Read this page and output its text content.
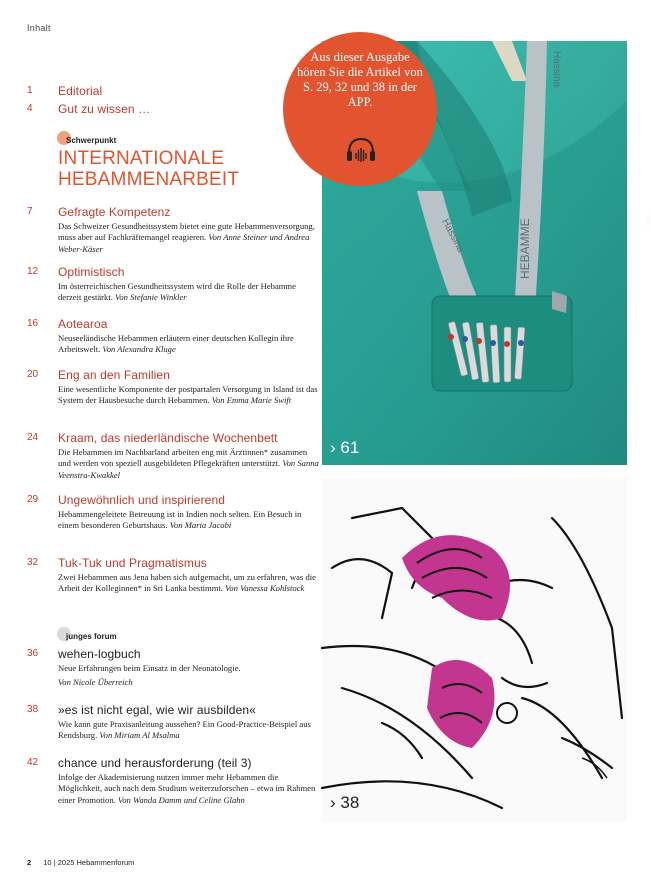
Inhalt
1 Editorial
4 Gut zu wissen …
Schwerpunkt
INTERNATIONALE
HEBAMMENARBEIT
7 Gefragte Kompetenz
Das Schweizer Gesundheitssystem bietet eine gute Hebammenversorgung, muss aber auf Fachkräftemangel reagieren. Von Anne Steiner und Andrea Weber-Käser
12 Optimistisch
Im österreichischen Gesundheitssystem wird die Rolle der Hebamme derzeit gestärkt. Von Stefanie Winkler
16 Aotearoa
Neuseeländische Hebammen erläutern einer deutschen Kollegin ihre Arbeitswelt. Von Alexandra Kluge
20 Eng an den Familien
Eine wesentliche Komponente der postpartalen Versorgung in Island ist das System der Hausbesuche durch Hebammen. Von Emma Marie Swift
24 Kraam, das niederländische Wochenbett
Die Hebammen im Nachbarland arbeiten eng mit Ärztinnen* zusammen und werden von speziell ausgebildeten Pflegekräften unterstützt. Von Sanna Veenstra-Kwakkel
29 Ungewöhnlich und inspirierend
Hebammengeleitete Betreuung ist in Indien noch selten. Ein Besuch in einem besonderen Geburtshaus. Von Maria Jacobi
32 Tuk-Tuk und Pragmatismus
Zwei Hebammen aus Jena haben sich aufgemacht, um zu erfahren, was die Arbeit der Kolleginnen* in Sri Lanka bestimmt. Von Vanessa Kohlstock
junges forum
36 wehen-logbuch
Neue Erfahrungen beim Einsatz in der Neonatologie.
Von Nicole Überreich
38 »es ist nicht egal, wie wir ausbilden«
Wie kann gute Praxisanleitung aussehen? Ein Good-Practice-Beispiel aus Rendsburg. Von Miriam Al Msalma
42 chance und herausforderung (teil 3)
Infolge der Akademisierung nutzen immer mehr Hebammen die Möglichkeit, auch nach dem Studium weiterzuforschen – etwa im Rahmen einer Promotion. Von Wanda Damm und Celine Glahn
HEBAMME
Hassina
Hassina
FOTO
› 61
Aus dieser Ausgabe hören Sie die Artikel von S. 29, 32 und 38 in der APP.
› 38
2 10 | 2025 Hebammenforum
